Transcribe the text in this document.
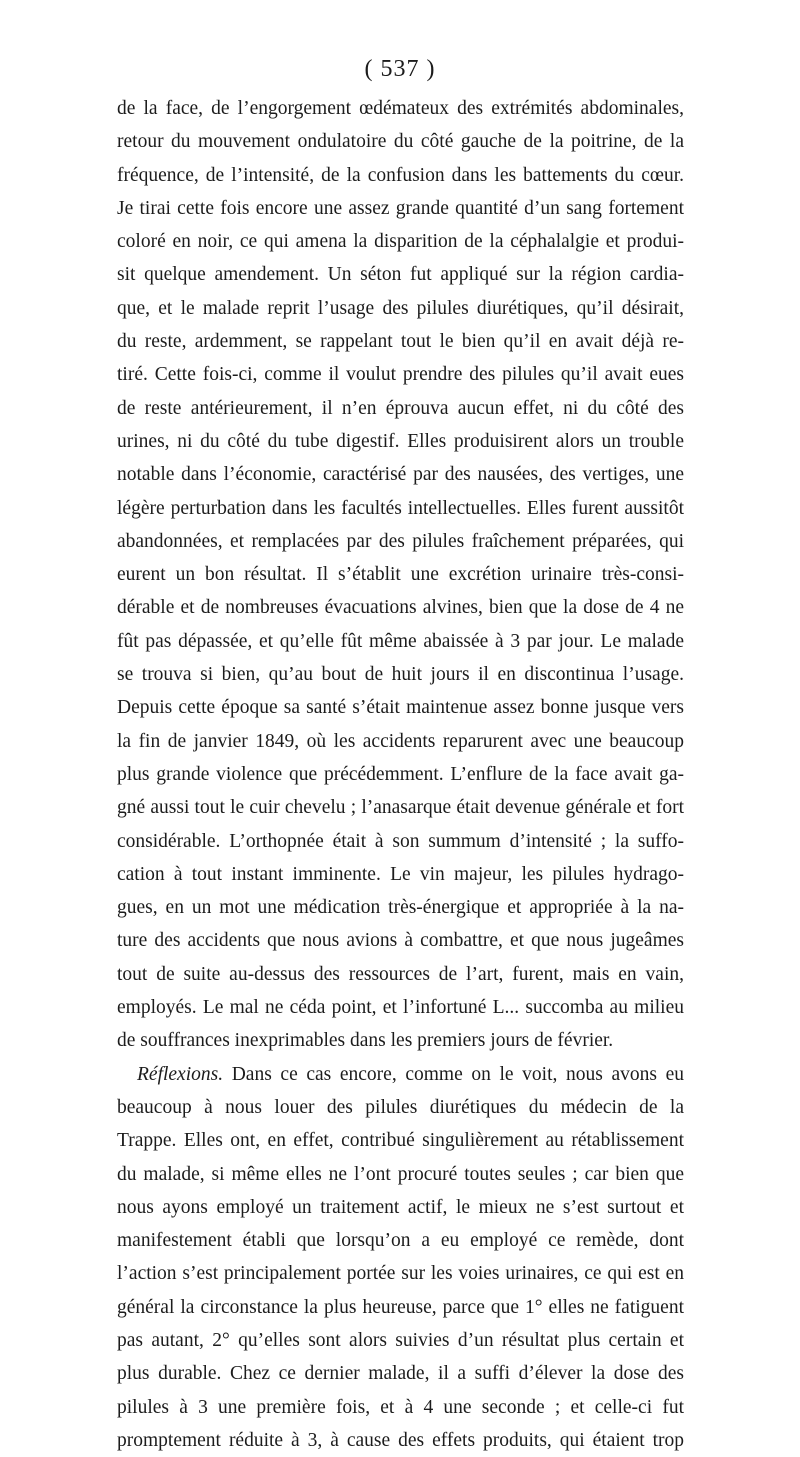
( 537 )
de la face, de l’engorgement œdémateux des extrémités abdominales,
retour du mouvement ondulatoire du côté gauche de la poitrine, de la
fréquence, de l’intensité, de la confusion dans les battements du cœur.
Je tirai cette fois encore une assez grande quantité d’un sang fortement
coloré en noir, ce qui amena la disparition de la céphalalgie et produi-
sit quelque amendement. Un séton fut appliqué sur la région cardia-
que, et le malade reprit l’usage des pilules diurétiques, qu’il désirait,
du reste, ardemment, se rappelant tout le bien qu’il en avait déjà re-
tiré. Cette fois-ci, comme il voulut prendre des pilules qu’il avait eues
de reste antérieurement, il n’en éprouva aucun effet, ni du côté des
urines, ni du côté du tube digestif. Elles produisirent alors un trouble
notable dans l’économie, caractérisé par des nausées, des vertiges, une
légère perturbation dans les facultés intellectuelles. Elles furent aussitôt
abandonnées, et remplacées par des pilules fraîchement préparées, qui
eurent un bon résultat. Il s’établit une excrétion urinaire très-consi-
dérable et de nombreuses évacuations alvines, bien que la dose de 4 ne
fût pas dépassée, et qu’elle fût même abaissée à 3 par jour. Le malade
se trouva si bien, qu’au bout de huit jours il en discontinua l’usage.
Depuis cette époque sa santé s’était maintenue assez bonne jusque vers
la fin de janvier 1849, où les accidents reparurent avec une beaucoup
plus grande violence que précédemment. L’enflure de la face avait ga-
gné aussi tout le cuir chevelu ; l’anasarque était devenue générale et fort
considérable. L’orthopnée était à son summum d’intensité ; la suffo-
cation à tout instant imminente. Le vin majeur, les pilules hydrago-
gues, en un mot une médication très-énergique et appropriée à la na-
ture des accidents que nous avions à combattre, et que nous jugeâmes
tout de suite au-dessus des ressources de l’art, furent, mais en vain,
employés. Le mal ne céda point, et l’infortuné L... succomba au milieu
de souffrances inexprimables dans les premiers jours de février.
Réflexions. Dans ce cas encore, comme on le voit, nous avons eu
beaucoup à nous louer des pilules diurétiques du médecin de la
Trappe. Elles ont, en effet, contribué singulièrement au rétablissement
du malade, si même elles ne l’ont procuré toutes seules ; car bien que
nous ayons employé un traitement actif, le mieux ne s’est surtout et
manifestement établi que lorsqu’on a eu employé ce remède, dont
l’action s’est principalement portée sur les voies urinaires, ce qui est en
général la circonstance la plus heureuse, parce que 1° elles ne fatiguent
pas autant, 2° qu’elles sont alors suivies d’un résultat plus certain et
plus durable. Chez ce dernier malade, il a suffi d’élever la dose des
pilules à 3 une première fois, et à 4 une seconde ; et celle-ci fut
promptement réduite à 3, à cause des effets produits, qui étaient trop
